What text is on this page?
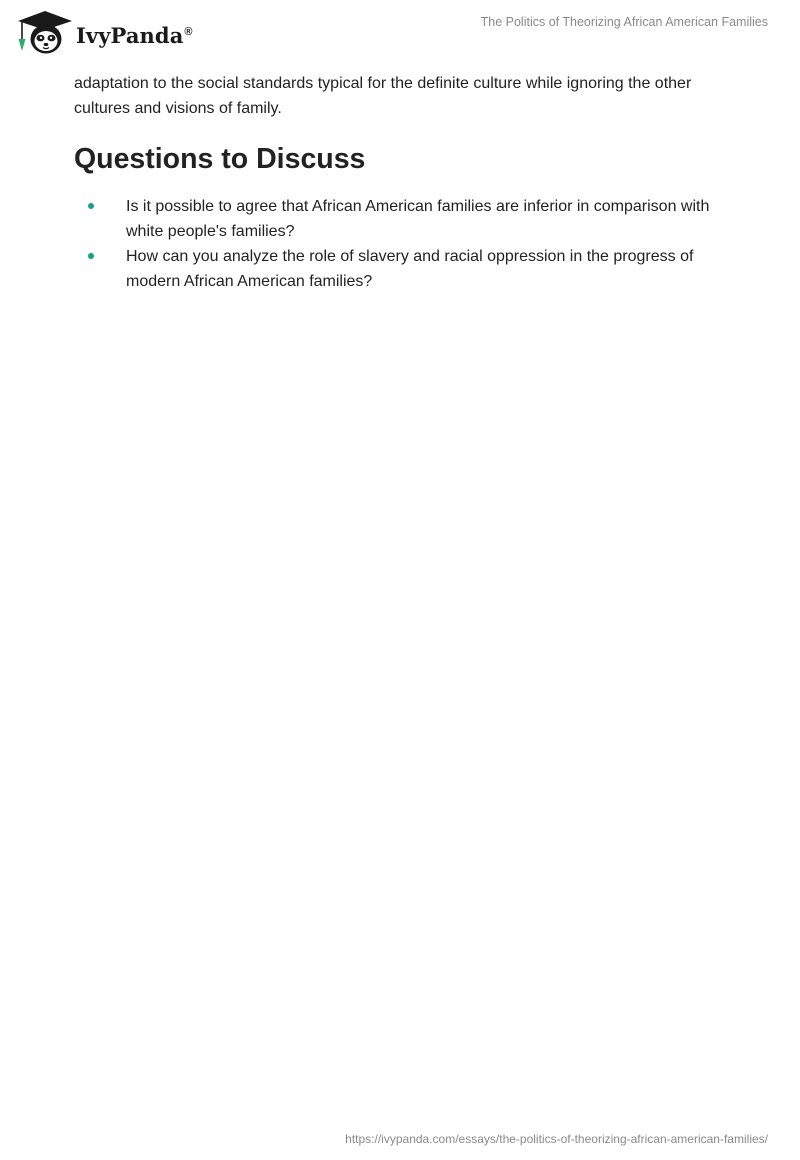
IvyPanda®
The Politics of Theorizing African American Families

adaptation to the social standards typical for the definite culture while ignoring the other cultures and visions of family.

Questions to Discuss
Is it possible to agree that African American families are inferior in comparison with white people's families?
How can you analyze the role of slavery and racial oppression in the progress of modern African American families?
https://ivypanda.com/essays/the-politics-of-theorizing-african-american-families/
